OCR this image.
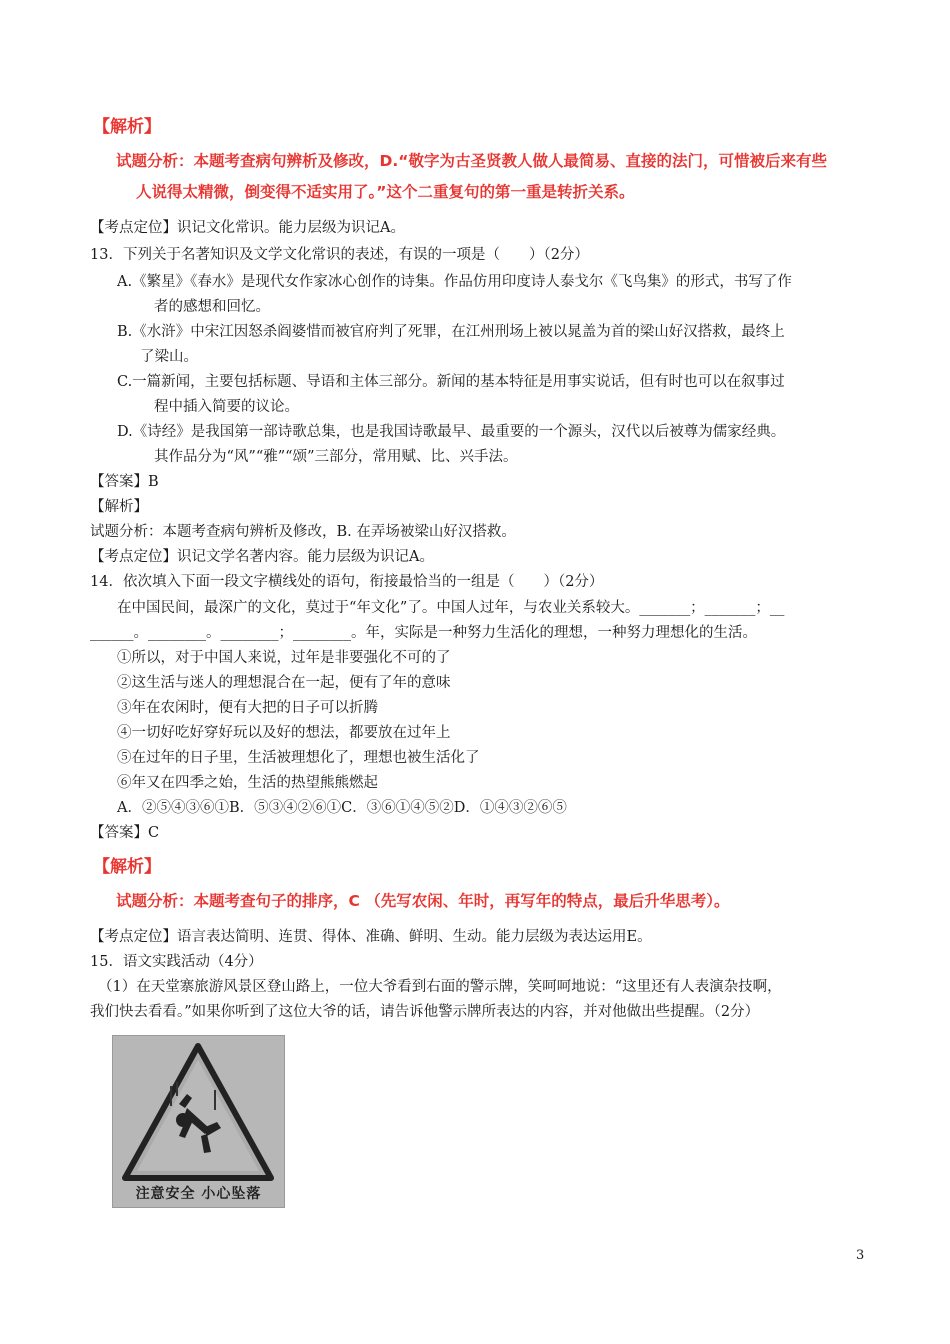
【解析】
试题分析：本题考查病句辨析及修改，D.“敬字为古圣贤教人做人最简易、直接的法门，可惜被后来有些
人说得太精微，倒变得不适实用了。”这个二重复句的第一重是转折关系。
【考点定位】识记文化常识。能力层级为识记A。
13．下列关于名著知识及文学文化常识的表述，有误的一项是（　　）（2分）
A.《繁星》《春水》是现代女作家冰心创作的诗集。作品仿用印度诗人泰戈尔《飞鸟集》的形式，书写了作
者的感想和回忆。
B.《水浒》中宋江因怒杀阎婆惜而被官府判了死罪，在江州刑场上被以晁盖为首的梁山好汉搭救，最终上
了梁山。
C.一篇新闻，主要包括标题、导语和主体三部分。新闻的基本特征是用事实说话，但有时也可以在叙事过
程中插入简要的议论。
D.《诗经》是我国第一部诗歌总集，也是我国诗歌最早、最重要的一个源头，汉代以后被尊为儒家经典。
其作品分为“风”“雅”“颂”三部分，常用赋、比、兴手法。
【答案】B
【解析】
试题分析：本题考查病句辨析及修改，B. 在弄场被梁山好汉搭救。
【考点定位】识记文学名著内容。能力层级为识记A。
14．依次填入下面一段文字横线处的语句，衔接最恰当的一组是（　　）（2分）
在中国民间，最深广的文化，莫过于“年文化”了。中国人过年，与农业关系较大。_______；_______；__
______。________。________；________。年，实际是一种努力生活化的理想，一种努力理想化的生活。
①所以，对于中国人来说，过年是非要强化不可的了
②这生活与迷人的理想混合在一起，便有了年的意味
③年在农闲时，便有大把的日子可以折腾
④一切好吃好穿好玩以及好的想法，都要放在过年上
⑤在过年的日子里，生活被理想化了，理想也被生活化了
⑥年又在四季之始，生活的热望熊熊燃起
A．②⑤④③⑥①B．⑤③④②⑥①C．③⑥①④⑤②D．①④③②⑥⑤
【答案】C
【解析】
试题分析：本题考查句子的排序，C （先写农闲、年时，再写年的特点，最后升华思考）。
【考点定位】语言表达简明、连贯、得体、准确、鲜明、生动。能力层级为表达运用E。
15．语文实践活动（4分）
（1）在天堂寨旅游风景区登山路上，一位大爷看到右面的警示牌，笑呵呵地说：“这里还有人表演杂技啊，
我们快去看看。”如果你听到了这位大爷的话，请告诉他警示牌所表达的内容，并对他做出些提醒。（2分）
注意安全 小心坠落
3
